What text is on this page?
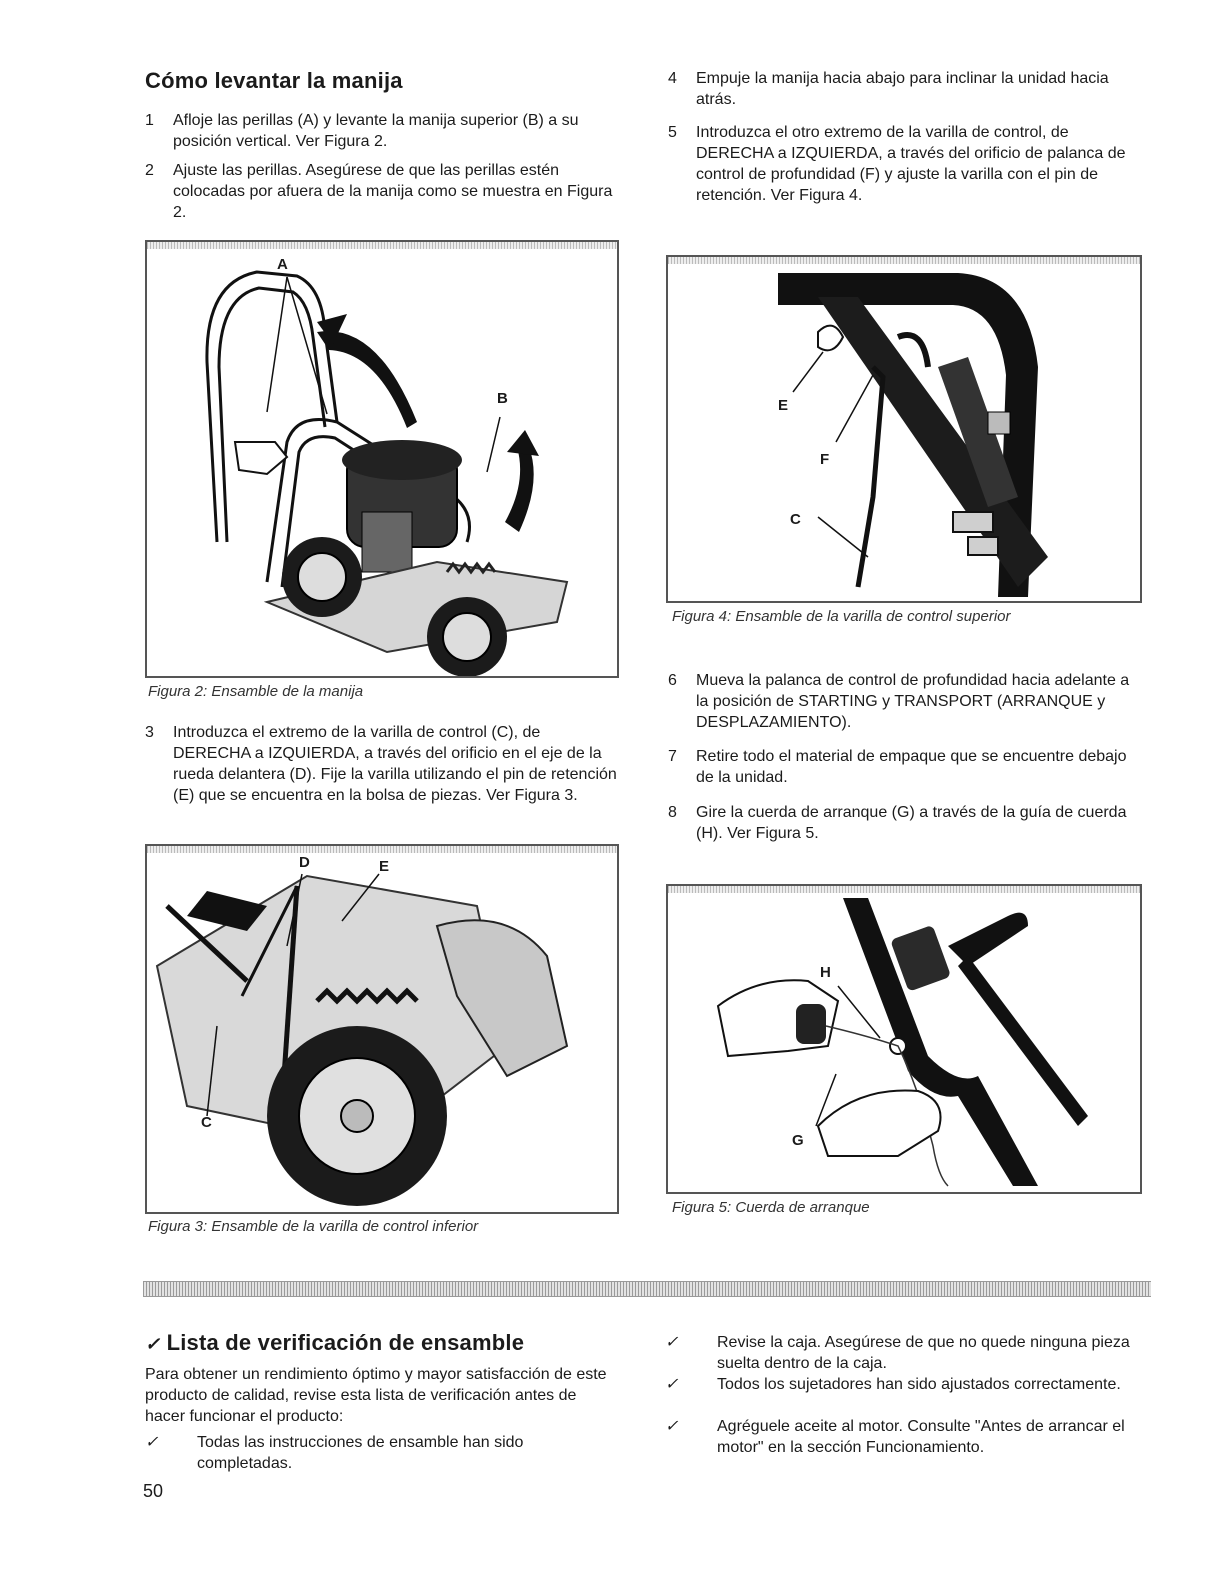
Cómo levantar la manija
1 Afloje las perillas (A) y levante la manija superior (B) a su posición vertical. Ver Figura 2.
2 Ajuste las perillas. Asegúrese de que las perillas estén colocadas por afuera de la manija como se muestra en Figura 2.
A
B
Figura 2: Ensamble de la manija
3 Introduzca el extremo de la varilla de control (C), de DERECHA a IZQUIERDA, a través del orificio en el eje de la rueda delantera (D). Fije la varilla utilizando el pin de retención (E) que se encuentra en la bolsa de piezas. Ver Figura 3.
D	E
C
Figura 3: Ensamble de la varilla de control inferior
4 Empuje la manija hacia abajo para inclinar la unidad hacia atrás.
5 Introduzca el otro extremo de la varilla de control, de DERECHA a IZQUIERDA, a través del orificio de palanca de control de profundidad (F) y ajuste la varilla con el pin de retención. Ver Figura 4.
E
F
C
Figura 4: Ensamble de la varilla de control superior
6 Mueva la palanca de control de profundidad hacia adelante a la posición de STARTING y TRANSPORT (ARRANQUE y DESPLAZAMIENTO).
7 Retire todo el material de empaque que se encuentre debajo de la unidad.
8 Gire la cuerda de arranque (G) a través de la guía de cuerda (H). Ver Figura 5.
H
G
Figura 5: Cuerda de arranque
✓ Lista de verificación de ensamble
Para obtener un rendimiento óptimo y mayor satisfacción de este producto de calidad, revise esta lista de verificación antes de hacer funcionar el producto:
✓ Todas las instrucciones de ensamble han sido completadas.
✓ Revise la caja. Asegúrese de que no quede ninguna pieza suelta dentro de la caja.
✓ Todos los sujetadores han sido ajustados correctamente.
✓ Agréguele aceite al motor. Consulte "Antes de arrancar el motor" en la sección Funcionamiento.
50
